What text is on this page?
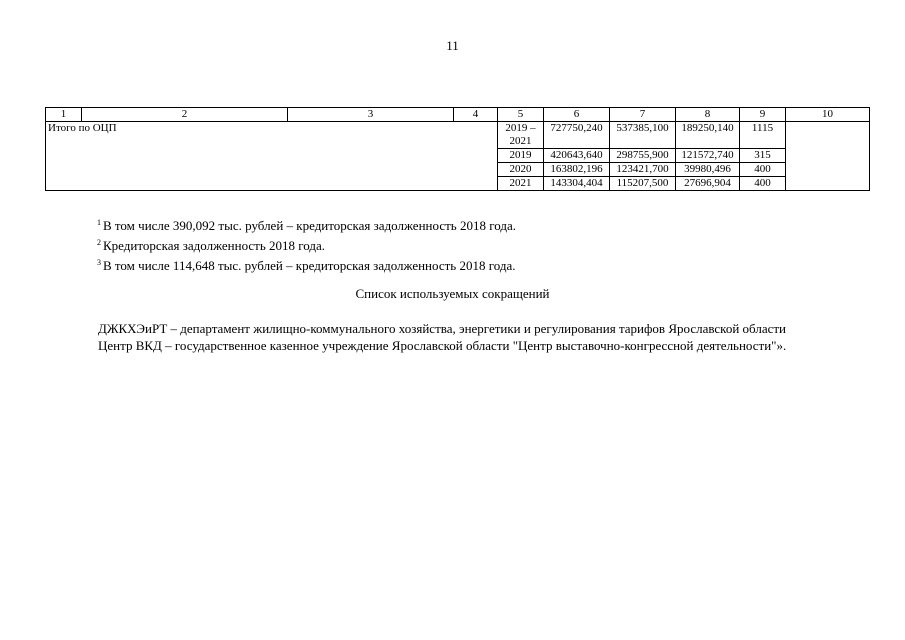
11
1	2	3	4	5	6	7	8	9	10
Итого по ОЦП				2019 – 2021	727750,240	537385,100	189250,140	1115	
				2019	420643,640	298755,900	121572,740	315	
				2020	163802,196	123421,700	39980,496	400	
				2021	143304,404	115207,500	27696,904	400	
$^1$ В том числе 390,092 тыс. рублей – кредиторская задолженность 2018 года.
$^2$ Кредиторская задолженность 2018 года.
$^3$ В том числе 114,648 тыс. рублей – кредиторская задолженность 2018 года.
Список используемых сокращений

ДЖКХЭиРТ – департамент жилищно-коммунального хозяйства, энергетики и регулирования тарифов Ярославской области

Центр ВКД – государственное казенное учреждение Ярославской области "Центр выставочно-конгрессной деятельности"».
